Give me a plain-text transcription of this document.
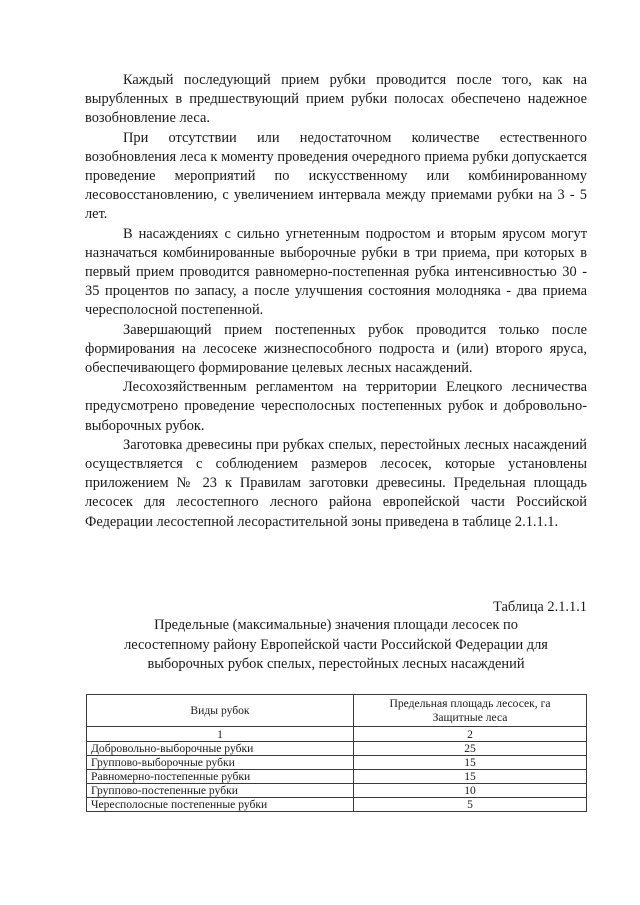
Каждый последующий прием рубки проводится после того, как на вырубленных в предшествующий прием рубки полосах обеспечено надежное возобновление леса.

При отсутствии или недостаточном количестве естественного возобновления леса к моменту проведения очередного приема рубки допускается проведение мероприятий по искусственному или комбинированному лесовосстановлению, с увеличением интервала между приемами рубки на 3 - 5 лет.

В насаждениях с сильно угнетенным подростом и вторым ярусом могут назначаться комбинированные выборочные рубки в три приема, при которых в первый прием проводится равномерно-постепенная рубка интенсивностью 30 - 35 процентов по запасу, а после улучшения состояния молодняка - два приема чересполосной постепенной.

Завершающий прием постепенных рубок проводится только после формирования на лесосеке жизнеспособного подроста и (или) второго яруса, обеспечивающего формирование целевых лесных насаждений.

Лесохозяйственным регламентом на территории Елецкого лесничества предусмотрено проведение чересполосных постепенных рубок и добровольно-выборочных рубок.

Заготовка древесины при рубках спелых, перестойных лесных насаждений осуществляется с соблюдением размеров лесосек, которые установлены приложением № 23 к Правилам заготовки древесины. Предельная площадь лесосек для лесостепного лесного района европейской части Российской Федерации лесостепной лесорастительной зоны приведена в таблице 2.1.1.1.

Таблица 2.1.1.1
Предельные (максимальные) значения площади лесосек по
лесостепному району Европейской части Российской Федерации для
выборочных рубок спелых, перестойных лесных насаждений
Виды рубок	Предельная площадь лесосек, га
Защитные леса

1	2
Добровольно-выборочные рубки	25
Группово-выборочные рубки	15
Равномерно-постепенные рубки	15
Группово-постепенные рубки	10
Чересполосные постепенные рубки	5
